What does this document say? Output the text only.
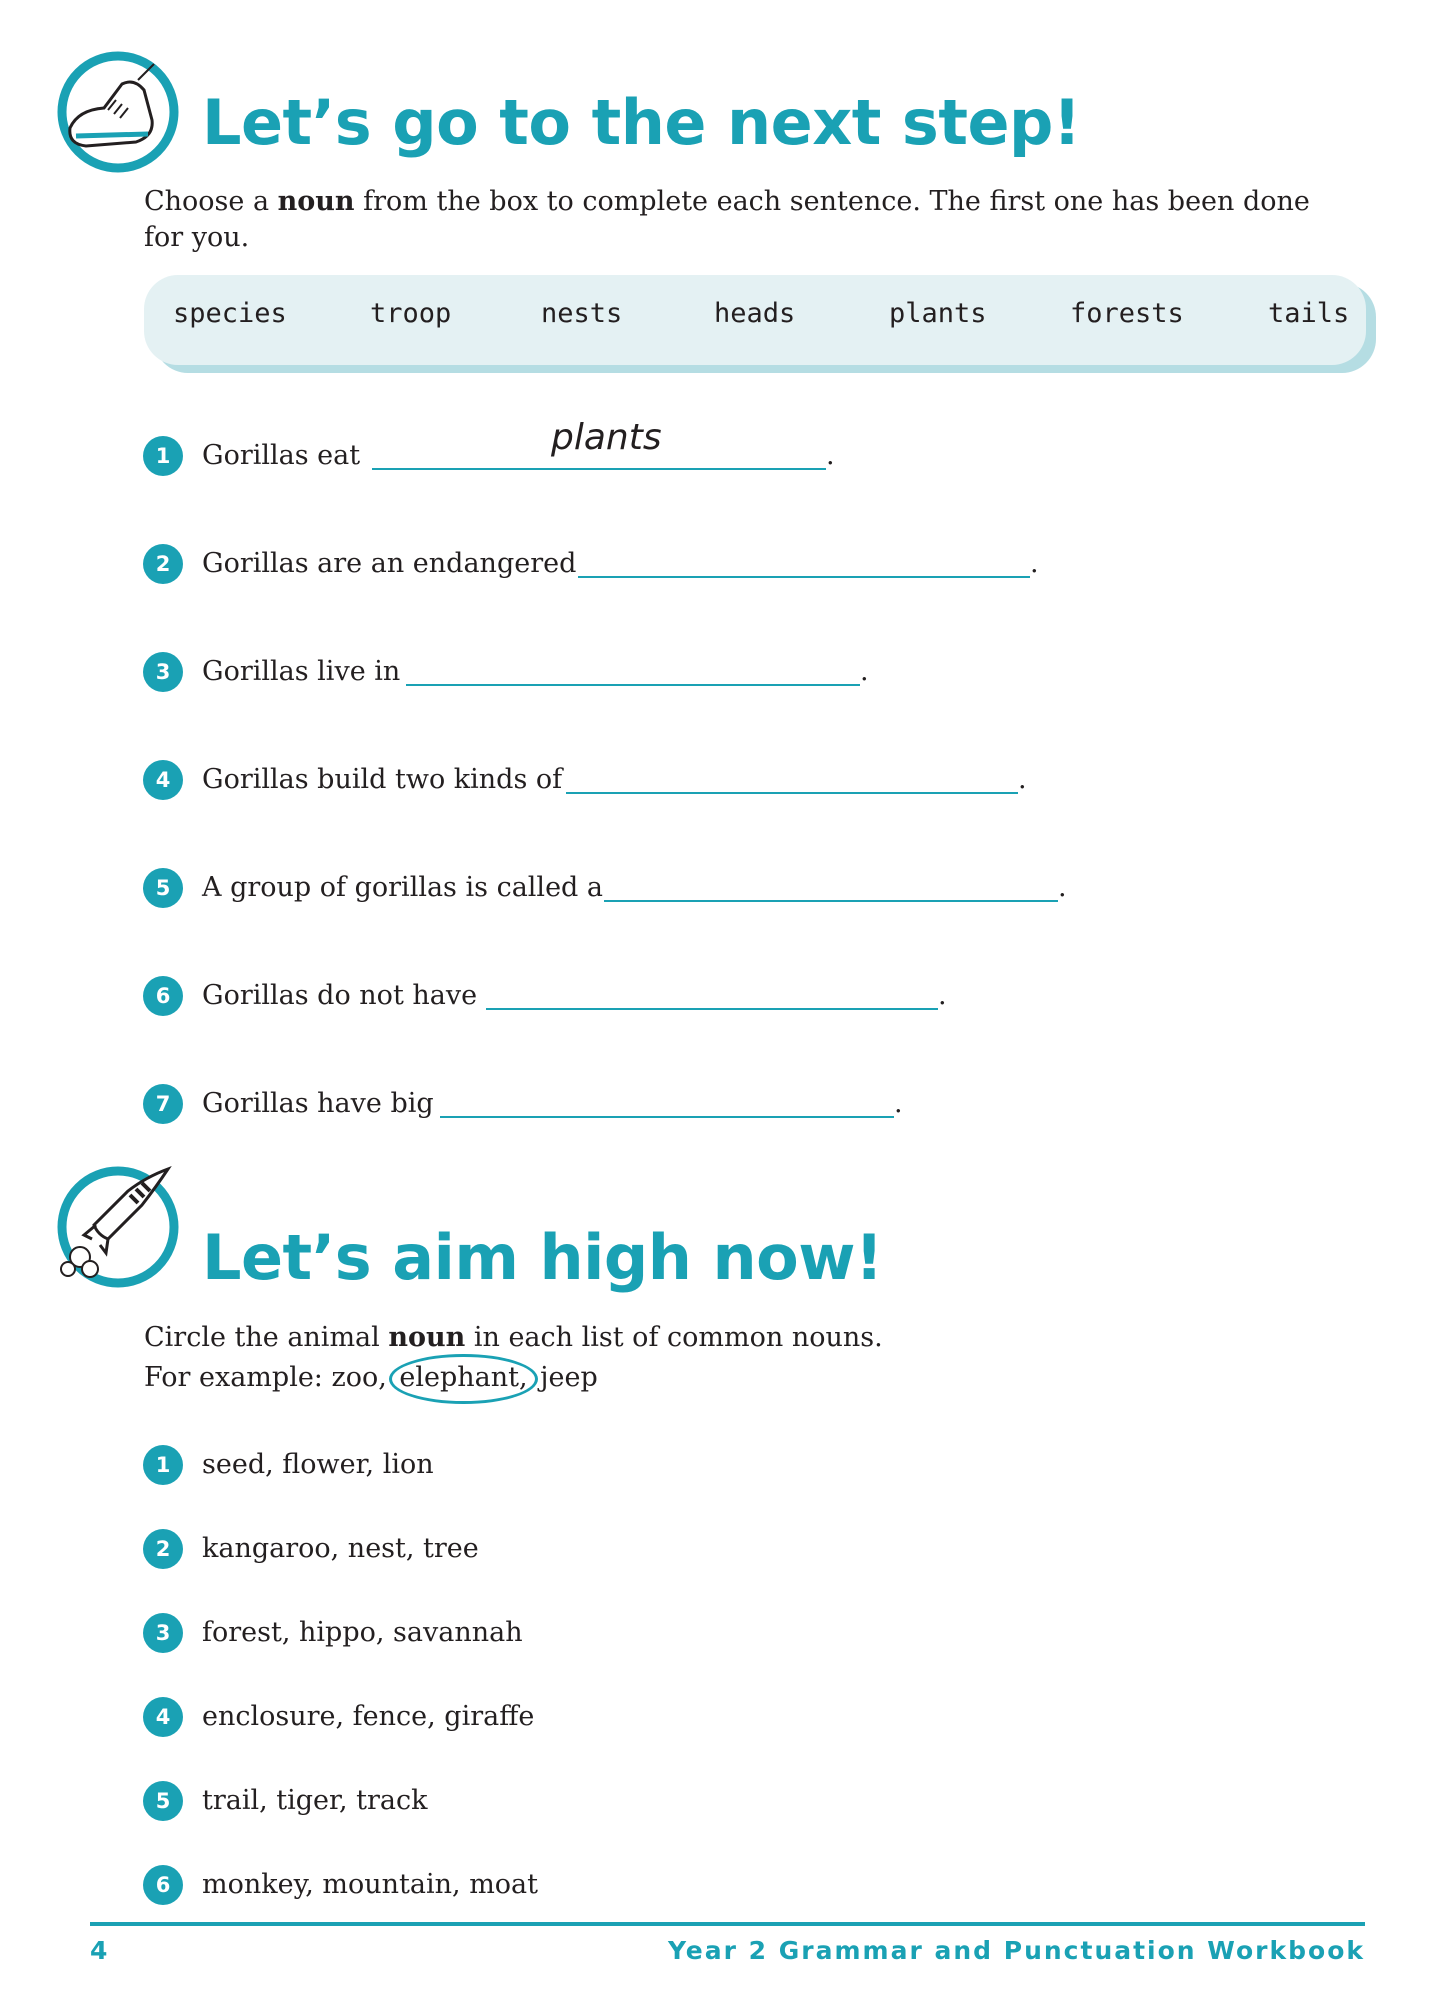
Let’s go to the next step!
Choose a noun from the box to complete each sentence. The first one has been done
for you.
species	troop	nests	heads	plants	forests	tails
1	Gorillas eat	plants	.
2	Gorillas are an endangered	.
3	Gorillas live in	.
4	Gorillas build two kinds of	.
5	A group of gorillas is called a	.
6	Gorillas do not have	.
7	Gorillas have big	.
Let’s aim high now!
Circle the animal noun in each list of common nouns.
For example: zoo, elephant, jeep
1	seed, flower, lion
2	kangaroo, nest, tree
3	forest, hippo, savannah
4	enclosure, fence, giraffe
5	trail, tiger, track
6	monkey, mountain, moat
4	Year 2 Grammar and Punctuation Workbook
